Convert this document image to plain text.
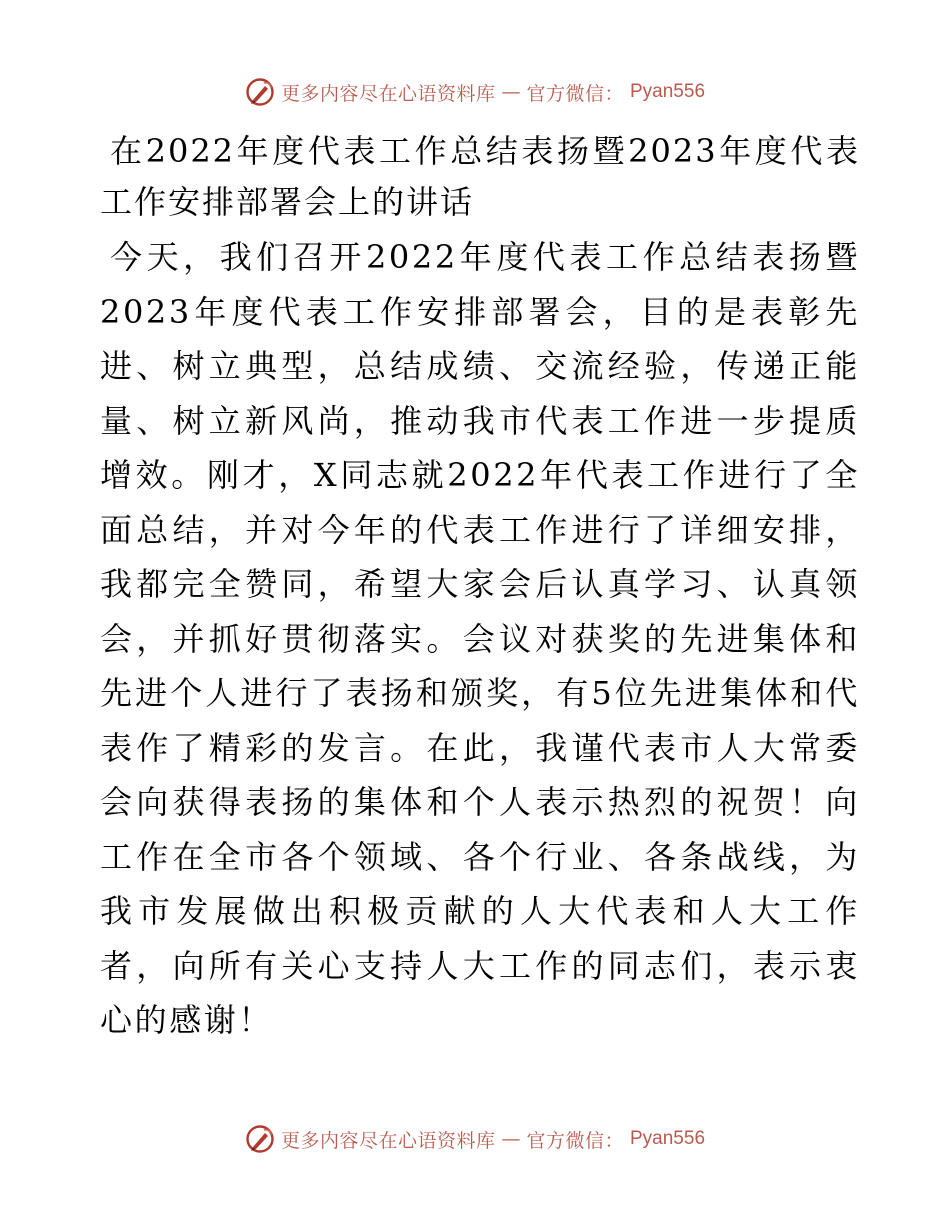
更多内容尽在心语资料库 — 官方微信： Pyan556
在2022年度代表工作总结表扬暨2023年度代表工作安排部署会上的讲话

今天，我们召开2022年度代表工作总结表扬暨2023年度代表工作安排部署会，目的是表彰先进、树立典型，总结成绩、交流经验，传递正能量、树立新风尚，推动我市代表工作进一步提质增效。刚才，X同志就2022年代表工作进行了全面总结，并对今年的代表工作进行了详细安排，我都完全赞同，希望大家会后认真学习、认真领会，并抓好贯彻落实。会议对获奖的先进集体和先进个人进行了表扬和颁奖，有5位先进集体和代表作了精彩的发言。在此，我谨代表市人大常委会向获得表扬的集体和个人表示热烈的祝贺！向工作在全市各个领域、各个行业、各条战线，为我市发展做出积极贡献的人大代表和人大工作者，向所有关心支持人大工作的同志们，表示衷心的感谢！

更多内容尽在心语资料库 — 官方微信： Pyan556
